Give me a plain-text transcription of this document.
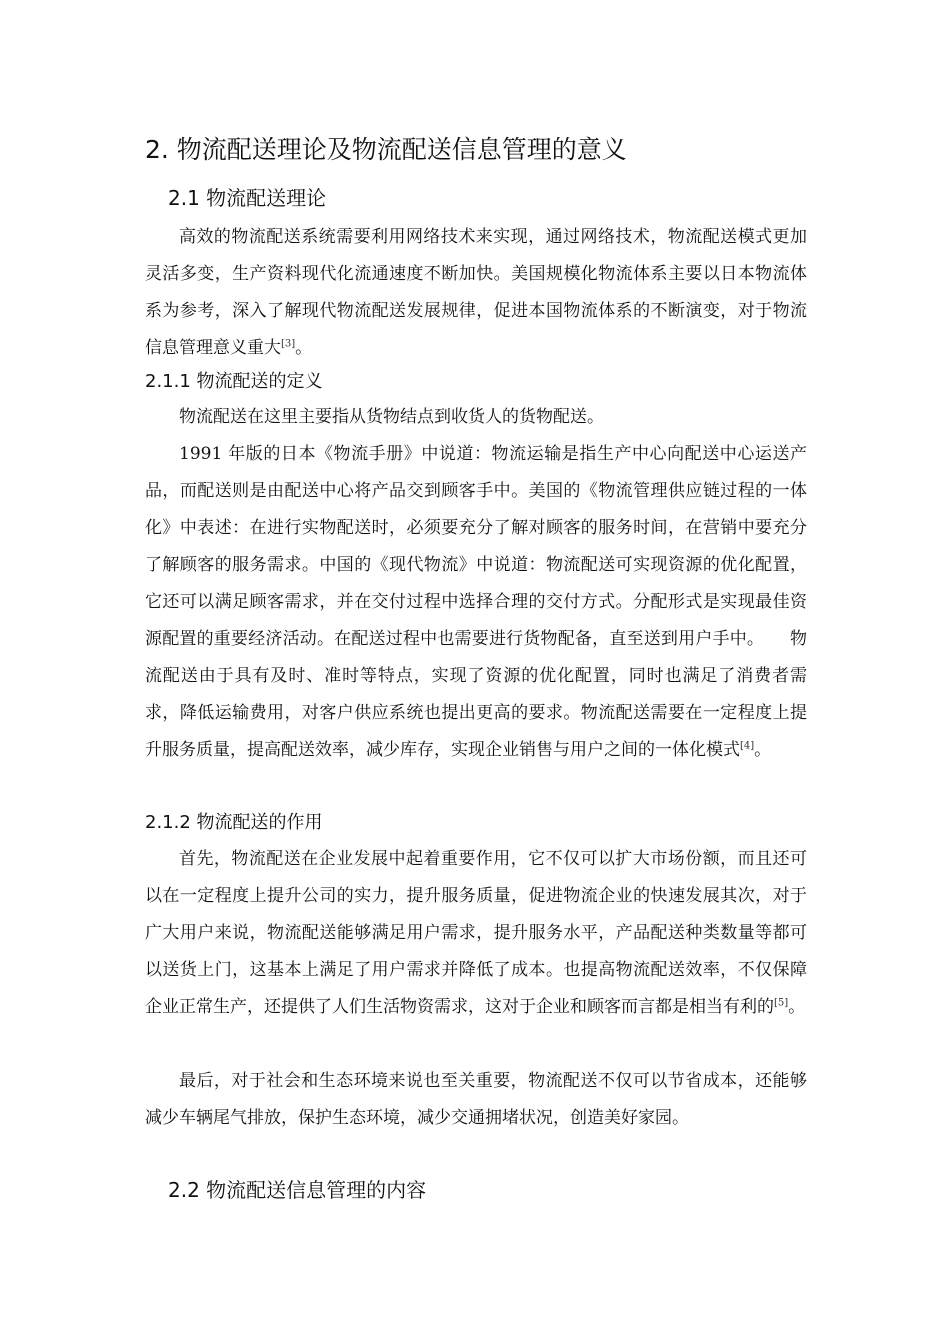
2. 物流配送理论及物流配送信息管理的意义
2.1 物流配送理论

高效的物流配送系统需要利用网络技术来实现，通过网络技术，物流配送模式更加灵活多变，生产资料现代化流通速度不断加快。美国规模化物流体系主要以日本物流体系为参考，深入了解现代物流配送发展规律，促进本国物流体系的不断演变，对于物流信息管理意义重大[3]。

2.1.1 物流配送的定义

物流配送在这里主要指从货物结点到收货人的货物配送。

1991 年版的日本《物流手册》中说道：物流运输是指生产中心向配送中心运送产品，而配送则是由配送中心将产品交到顾客手中。美国的《物流管理供应链过程的一体化》中表述：在进行实物配送时，必须要充分了解对顾客的服务时间，在营销中要充分了解顾客的服务需求。中国的《现代物流》中说道：物流配送可实现资源的优化配置，它还可以满足顾客需求，并在交付过程中选择合理的交付方式。分配形式是实现最佳资源配置的重要经济活动。在配送过程中也需要进行货物配备，直至送到用户手中。　　物流配送由于具有及时、准时等特点，实现了资源的优化配置，同时也满足了消费者需求，降低运输费用，对客户供应系统也提出更高的要求。物流配送需要在一定程度上提升服务质量，提高配送效率，减少库存，实现企业销售与用户之间的一体化模式[4]。

2.1.2 物流配送的作用

首先，物流配送在企业发展中起着重要作用，它不仅可以扩大市场份额，而且还可以在一定程度上提升公司的实力，提升服务质量，促进物流企业的快速发展其次，对于广大用户来说，物流配送能够满足用户需求，提升服务水平，产品配送种类数量等都可以送货上门，这基本上满足了用户需求并降低了成本。也提高物流配送效率，不仅保障企业正常生产，还提供了人们生活物资需求，这对于企业和顾客而言都是相当有利的[5]。

最后，对于社会和生态环境来说也至关重要，物流配送不仅可以节省成本，还能够减少车辆尾气排放，保护生态环境，减少交通拥堵状况，创造美好家园。

2.2 物流配送信息管理的内容
